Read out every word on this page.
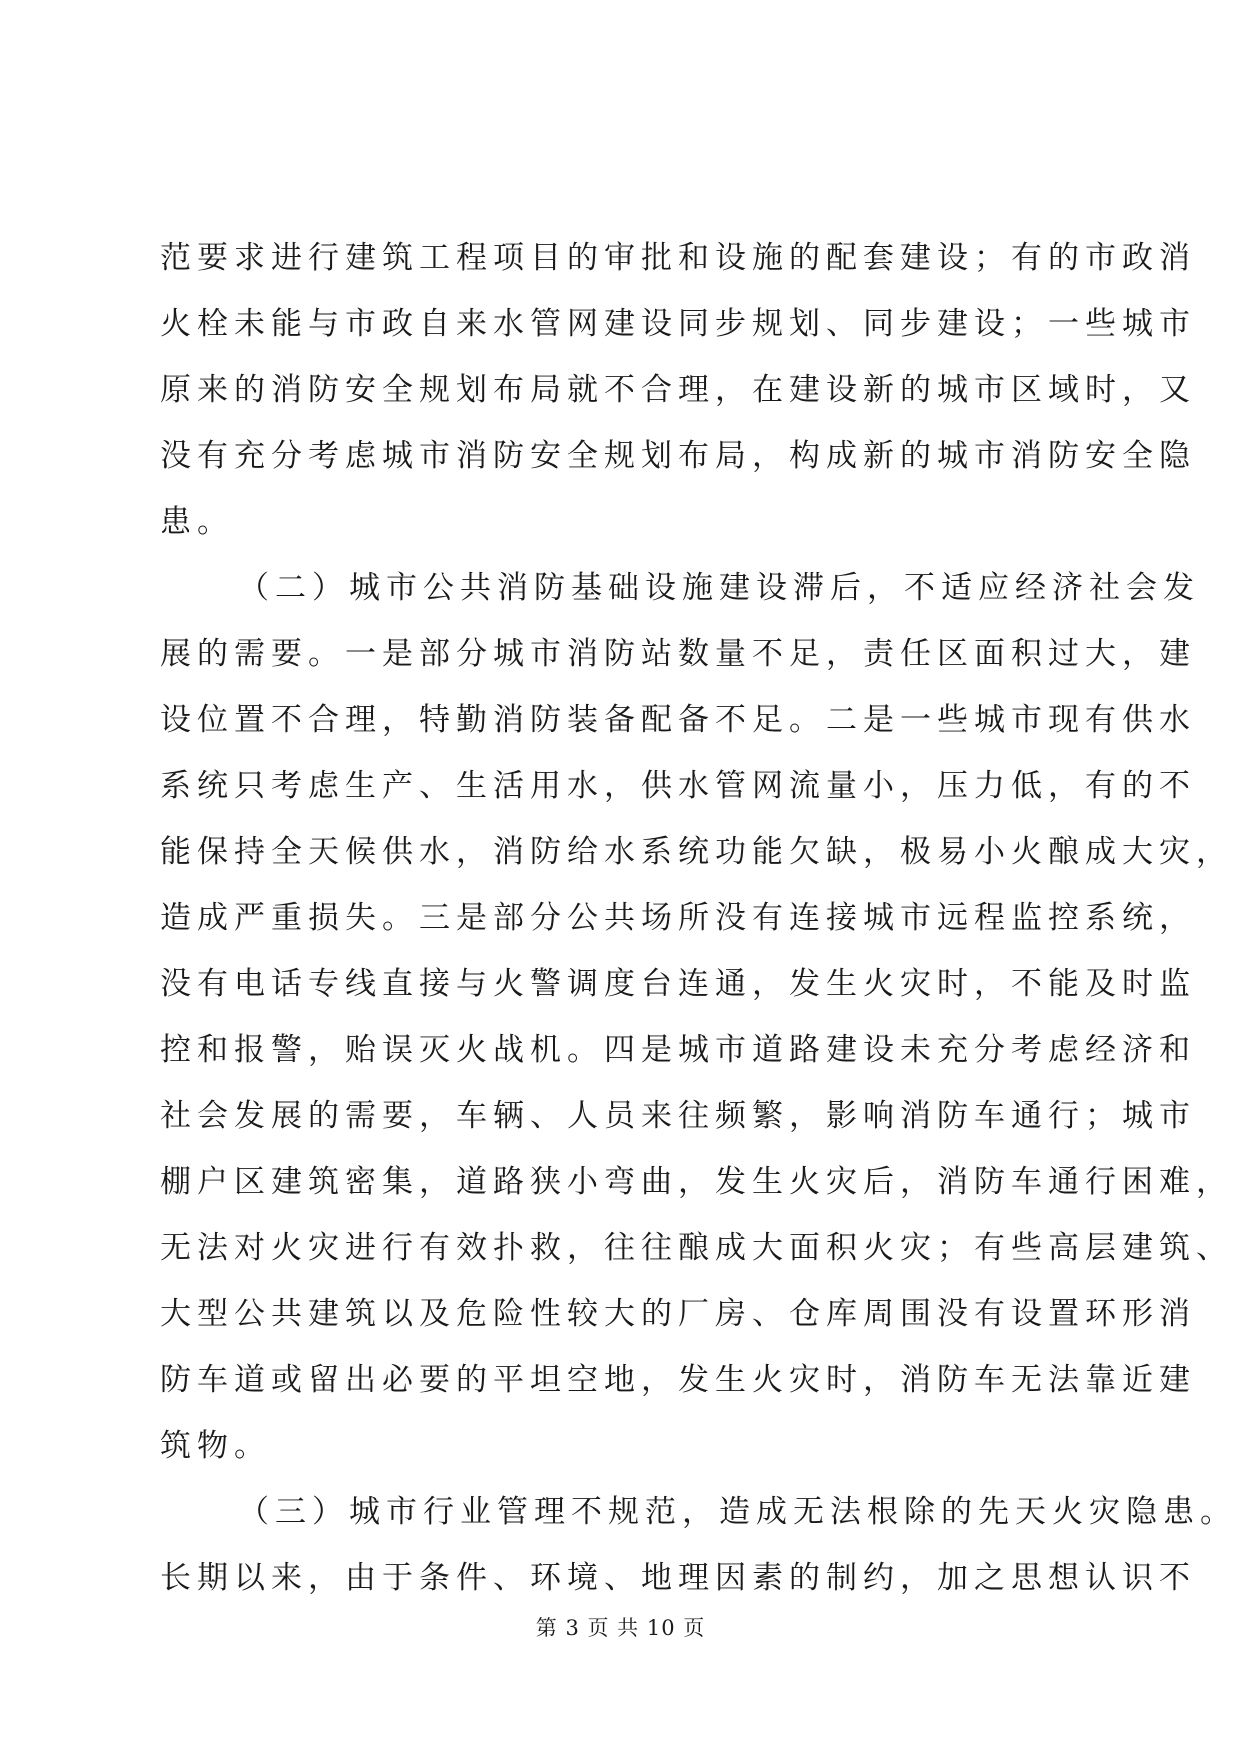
范要求进行建筑工程项目的审批和设施的配套建设；有的市政消
火栓未能与市政自来水管网建设同步规划、同步建设；一些城市
原来的消防安全规划布局就不合理，在建设新的城市区域时，又
没有充分考虑城市消防安全规划布局，构成新的城市消防安全隐
患。
（二）城市公共消防基础设施建设滞后，不适应经济社会发
展的需要。一是部分城市消防站数量不足，责任区面积过大，建
设位置不合理，特勤消防装备配备不足。二是一些城市现有供水
系统只考虑生产、生活用水，供水管网流量小，压力低，有的不
能保持全天候供水，消防给水系统功能欠缺，极易小火酿成大灾，
造成严重损失。三是部分公共场所没有连接城市远程监控系统，
没有电话专线直接与火警调度台连通，发生火灾时，不能及时监
控和报警，贻误灭火战机。四是城市道路建设未充分考虑经济和
社会发展的需要，车辆、人员来往频繁，影响消防车通行；城市
棚户区建筑密集，道路狭小弯曲，发生火灾后，消防车通行困难，
无法对火灾进行有效扑救，往往酿成大面积火灾；有些高层建筑、
大型公共建筑以及危险性较大的厂房、仓库周围没有设置环形消
防车道或留出必要的平坦空地，发生火灾时，消防车无法靠近建
筑物。
（三）城市行业管理不规范，造成无法根除的先天火灾隐患。
长期以来，由于条件、环境、地理因素的制约，加之思想认识不
第 3 页 共 10 页
